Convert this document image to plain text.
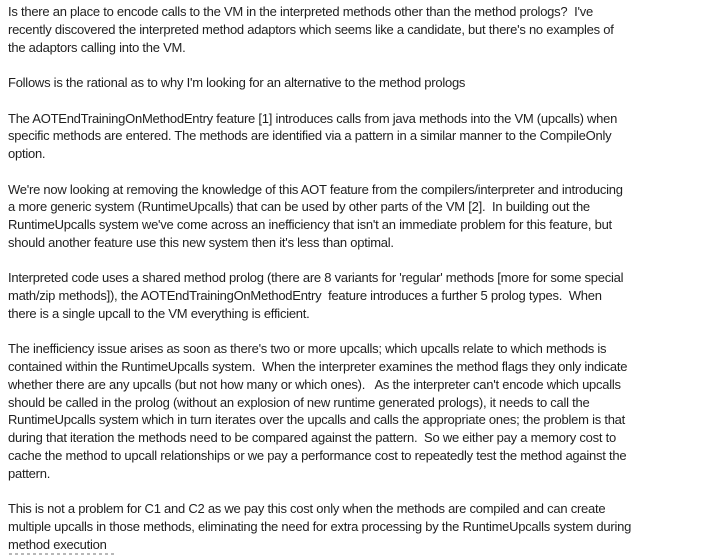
Is there an place to encode calls to the VM in the interpreted methods other than the method prologs?  I've
recently discovered the interpreted method adaptors which seems like a candidate, but there's no examples of
the adaptors calling into the VM.
Follows is the rational as to why I'm looking for an alternative to the method prologs
The AOTEndTrainingOnMethodEntry feature [1] introduces calls from java methods into the VM (upcalls) when
specific methods are entered. The methods are identified via a pattern in a similar manner to the CompileOnly
option.
We're now looking at removing the knowledge of this AOT feature from the compilers/interpreter and introducing
a more generic system (RuntimeUpcalls) that can be used by other parts of the VM [2].  In building out the
RuntimeUpcalls system we've come across an inefficiency that isn't an immediate problem for this feature, but
should another feature use this new system then it's less than optimal.
Interpreted code uses a shared method prolog (there are 8 variants for 'regular' methods [more for some special
math/zip methods]), the AOTEndTrainingOnMethodEntry  feature introduces a further 5 prolog types.  When
there is a single upcall to the VM everything is efficient.
The inefficiency issue arises as soon as there's two or more upcalls; which upcalls relate to which methods is
contained within the RuntimeUpcalls system.  When the interpreter examines the method flags they only indicate
whether there are any upcalls (but not how many or which ones).   As the interpreter can't encode which upcalls
should be called in the prolog (without an explosion of new runtime generated prologs), it needs to call the
RuntimeUpcalls system which in turn iterates over the upcalls and calls the appropriate ones; the problem is that
during that iteration the methods need to be compared against the pattern.  So we either pay a memory cost to
cache the method to upcall relationships or we pay a performance cost to repeatedly test the method against the
pattern.
This is not a problem for C1 and C2 as we pay this cost only when the methods are compiled and can create
multiple upcalls in those methods, eliminating the need for extra processing by the RuntimeUpcalls system during
method execution
